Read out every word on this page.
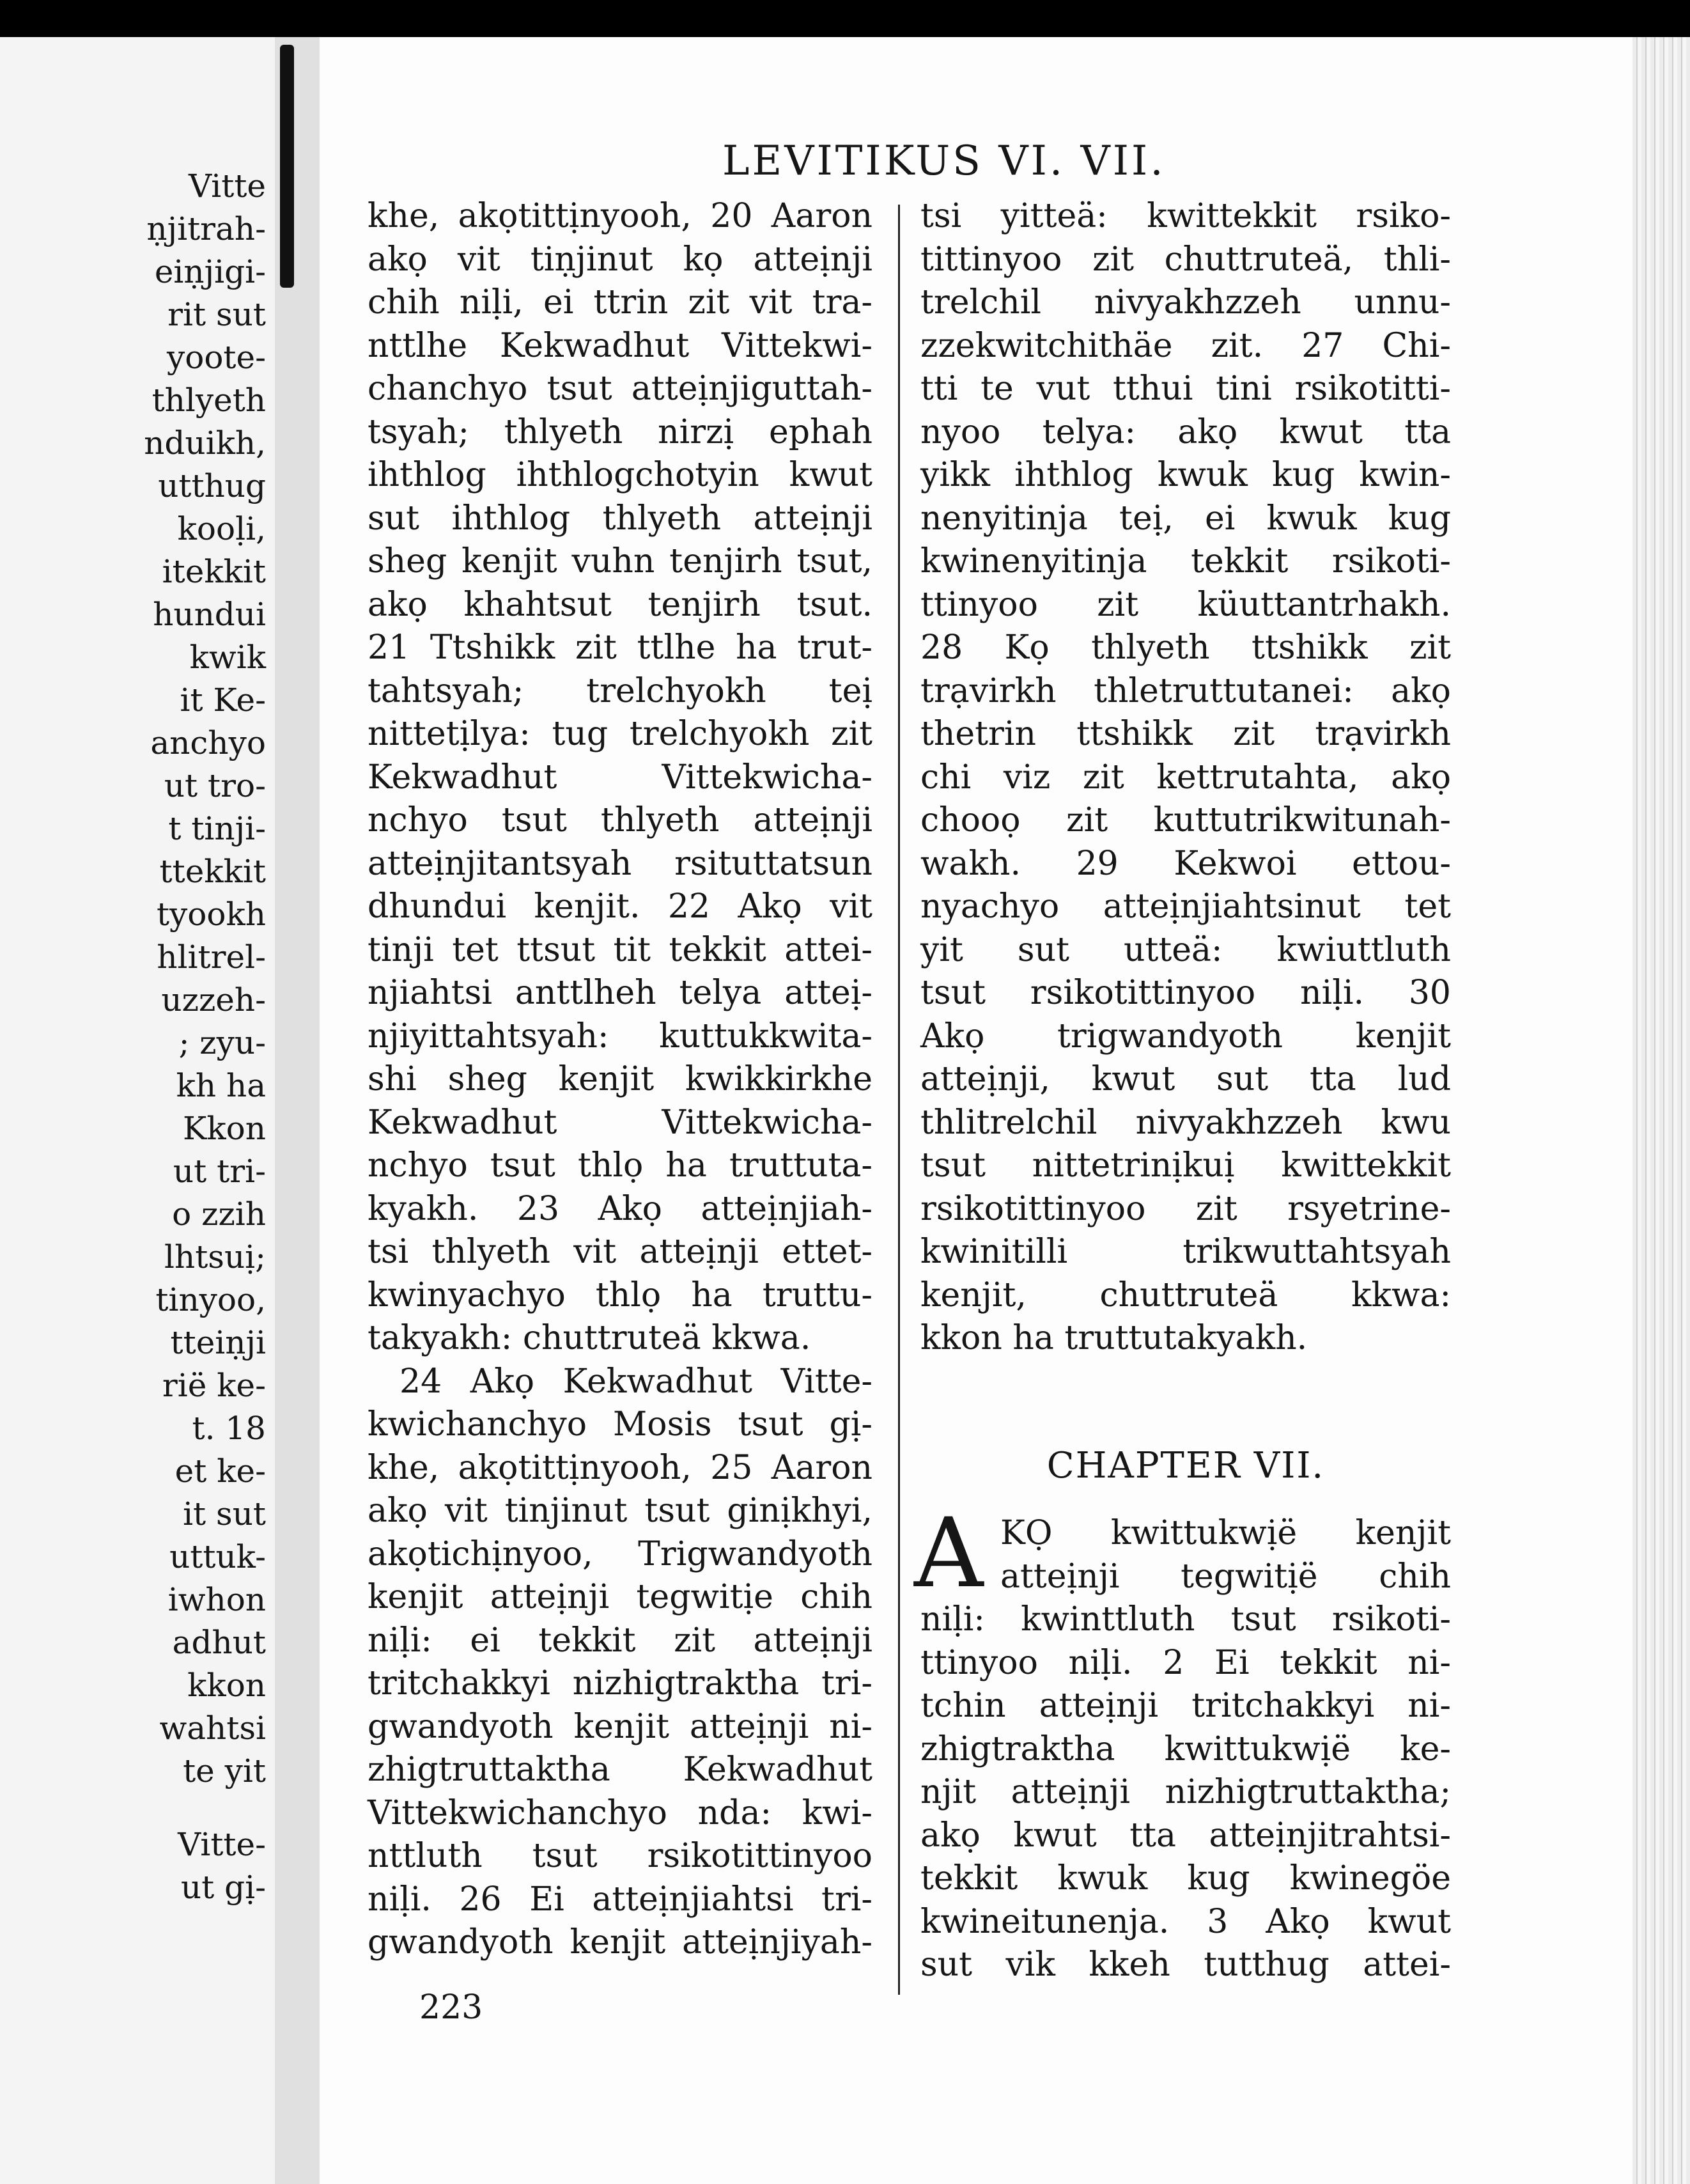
Vitte
ṇjitrah-
eiṇjigi-
rit sut
yoote-
thlyeth
nduikh,
utthug
kooḷi,
itekkit
hundui
kwik
it Ke-
anchyo
ut tro-
t tinji-
ttekkit
tyookh
hlitrel-
uzzeh-
; zyu-
kh ha
Kkon
ut tri-
o zzih
lhtsuị;
tinyoo,
tteiṇji
riё ke-
t. 18
et ke-
it sut
uttuk-
iwhon
adhut
kkon
wahtsi
te yit
Vitte-
ut gị-
LEVITIKUS VI. VII.
khe, akọtittịnyooh, 20 Aaron
akọ vit tiṇjinut kọ atteịnji
chih niḷi, ei ttrin zit vit tra-
nttlhe Kekwadhut Vittekwi-
chanchyo tsut atteịnjiguttah-
tsyah; thlyeth nirzị ephah
ihthlog ihthlogchotyin kwut
sut ihthlog thlyeth atteịnji
sheg kenjit vuhn tenjirh tsut,
akọ khahtsut tenjirh tsut.
21 Ttshikk zit ttlhe ha trut-
tahtsyah; trelchyokh teị
nittetịlya: tug trelchyokh zit
Kekwadhut Vittekwicha-
nchyo tsut thlyeth atteịnji
atteịnjitantsyah rsituttatsun
dhundui kenjit. 22 Akọ vit
tinji tet ttsut tit tekkit attei-
njiahtsi anttlheh telya atteị-
njiyittahtsyah: kuttukkwita-
shi sheg kenjit kwikkirkhe
Kekwadhut Vittekwicha-
nchyo tsut thlọ ha truttuta-
kyakh. 23 Akọ atteịnjiah-
tsi thlyeth vit atteịnji ettet-
kwinyachyo thlọ ha truttu-
takyakh: chuttruteä kkwa.
24 Akọ Kekwadhut Vitte-
kwichanchyo Mosis tsut gị-
khe, akọtittịnyooh, 25 Aaron
akọ vit tinjinut tsut ginịkhyi,
akọtichịnyoo, Trigwandyoth
kenjit atteịnji tegwitịe chih
niḷi: ei tekkit zit atteịnji
tritchakkyi nizhigtraktha tri-
gwandyoth kenjit atteịnji ni-
zhigtruttaktha Kekwadhut
Vittekwichanchyo nda: kwi-
nttluth tsut rsikotittinyoo
niḷi. 26 Ei atteịnjiahtsi tri-
gwandyoth kenjit atteịnjiyah-
tsi yitteä: kwittekkit rsiko-
tittinyoo zit chuttruteä, thli-
trelchil nivyakhzzeh unnu-
zzekwitchithäe zit. 27 Chi-
tti te vut tthui tini rsikotitti-
nyoo telya: akọ kwut tta
yikk ihthlog kwuk kug kwin-
nenyitinja teị, ei kwuk kug
kwinenyitinja tekkit rsikoti-
ttinyoo zit küuttantrhakh.
28 Kọ thlyeth ttshikk zit
trạvirkh thletruttutanei: akọ
thetrin ttshikk zit trạvirkh
chi viz zit kettrutahta, akọ
chooọ zit kuttutrikwitunah-
wakh. 29 Kekwoi ettou-
nyachyo atteịnjiahtsinut tet
yit sut utteä: kwiuttluth
tsut rsikotittinyoo niḷi. 30
Akọ trigwandyoth kenjit
atteịnji, kwut sut tta lud
thlitrelchil nivyakhzzeh kwu
tsut nittetrinịkuị kwittekkit
rsikotittinyoo zit rsyetrine-
kwinitilli trikwuttahtsyah
kenjit, chuttruteä kkwa:
kkon ha truttutakyakh.
CHAPTER VII.
A KỌ kwittukwịё kenjit
atteịnji tegwitịё chih
niḷi: kwinttluth tsut rsikoti-
ttinyoo niḷi. 2 Ei tekkit ni-
tchin atteịnji tritchakkyi ni-
zhigtraktha kwittukwịё ke-
njit atteịnji nizhigtruttaktha;
akọ kwut tta atteịnjitrahtsi-
tekkit kwuk kug kwinegöe
kwineitunenja. 3 Akọ kwut
sut vik kkeh tutthug attei-
223
